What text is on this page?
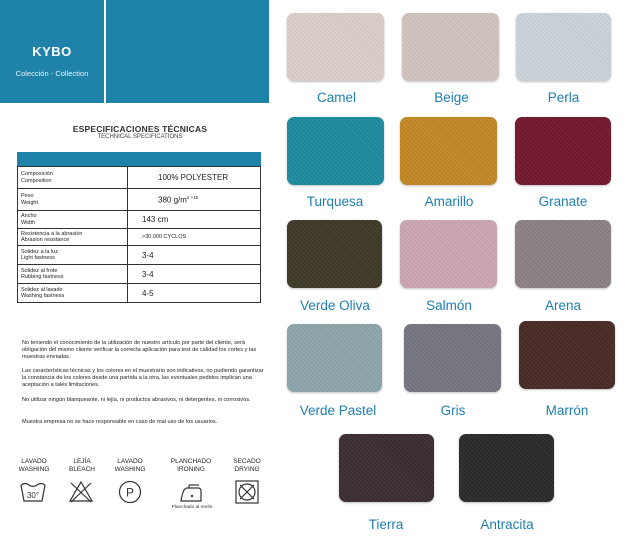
KYBO
Colección - Collection
ESPECIFICACIONES TÉCNICAS
TECHNICAL SPECIFICATIONS
Composición
Composition	100% POLYESTER
Peso
Weight	380 $g/m^{2 +10}$
Ancho
Width	143 cm
Resistencia a la abrasión
Abrasion resistance	>30.000 CYCLOS
Solidez a la luz
Light fastness	3-4
Solidez al frote
Rubbing fastness	3-4
Solidez al lavado
Washing fastness	4-5
No teniendo el conocimiento de la utilización de nuestro artículo por parte del cliente, será obligación del mismo cliente verificar la correcta aplicación para test de calidad los cortes y las muestras enviadas.
Las características técnicas y los colores en el muestrario son indicativos, no pudiendo garantizar la constancia de los colores desde una partida a la otra, las eventuales pedidos implican una aceptación a tales limitaciones.
No utilizar ningún blanqueante, ni lejía, ni productos abrasivos, ni detergentes, ni corrosivos.
Muestra empresa no se hace responsable en caso de mal uso de los usuarios.
LAVADO
WASHING
LEJÍA
BLEACH
LAVADO
WASHING
PLANCHADO
IRONING
SECADO
DRYING
30°	P
Planchado al revés
Camel	Beige	Perla
Turquesa	Amarillo	Granate
Verde Oliva	Salmón	Arena
Verde Pastel	Gris	Marrón
Tierra	Antracita
